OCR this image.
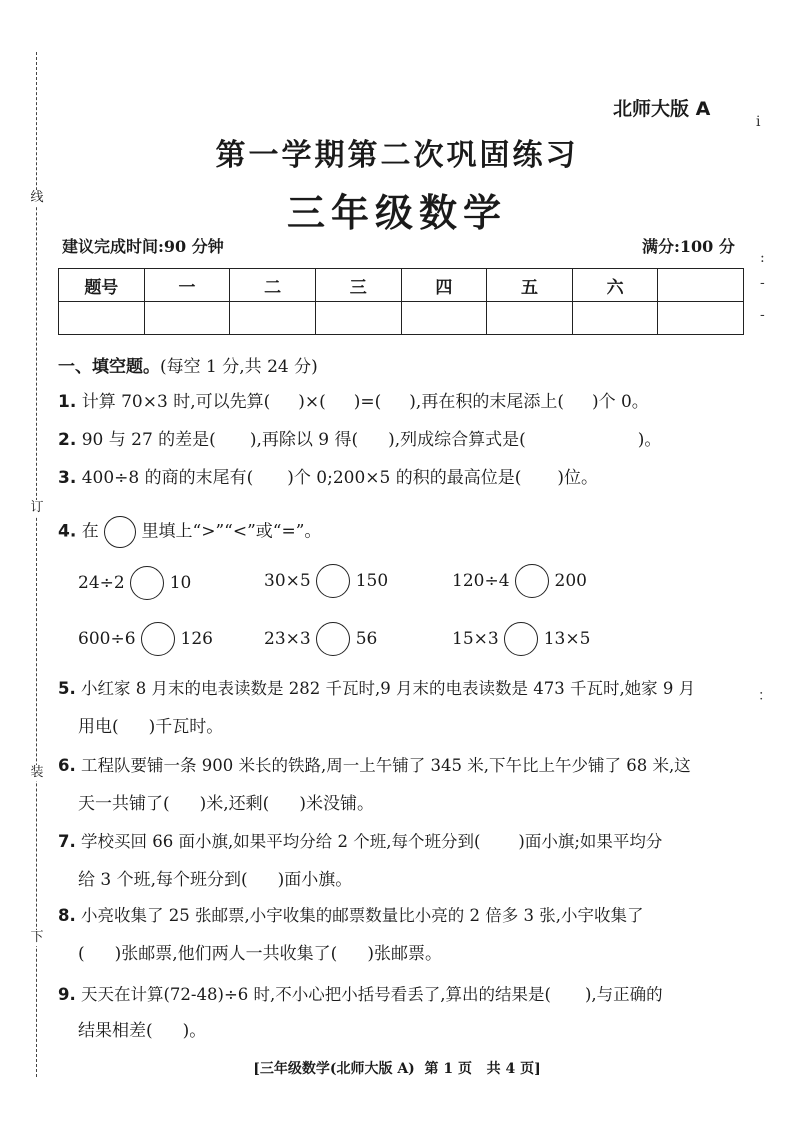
线
订
装
下
i
:
-
-
：
北师大版 A
第一学期第二次巩固练习
三年级数学
建议完成时间:90 分钟	满分:100 分
题号	一	二	三	四	五	六	

一、填空题。(每空 1 分,共 24 分)
1. 计算 70×3 时,可以先算( )×( )=( ),再在积的末尾添上( )个 0。
2. 90 与 27 的差是( ),再除以 9 得( ),列成综合算式是(	)。
3. 400÷8 的商的末尾有( )个 0;200×5 的积的最高位是( )位。
4. 在	里填上“>”“<”或“=”。
24÷2	10	30×5	150	120÷4	200
600÷6	126	23×3	56	15×3	13×5
5. 小红家 8 月末的电表读数是 282 千瓦时,9 月末的电表读数是 473 千瓦时,她家 9 月
用电( )千瓦时。
6. 工程队要铺一条 900 米长的铁路,周一上午铺了 345 米,下午比上午少铺了 68 米,这
天一共铺了( )米,还剩( )米没铺。
7. 学校买回 66 面小旗,如果平均分给 2 个班,每个班分到( )面小旗;如果平均分
给 3 个班,每个班分到( )面小旗。
8. 小亮收集了 25 张邮票,小宇收集的邮票数量比小亮的 2 倍多 3 张,小宇收集了
( )张邮票,他们两人一共收集了( )张邮票。
9. 天天在计算(72-48)÷6 时,不小心把小括号看丢了,算出的结果是( ),与正确的
结果相差( )。
[三年级数学(北师大版 A)  第 1 页   共 4 页]
